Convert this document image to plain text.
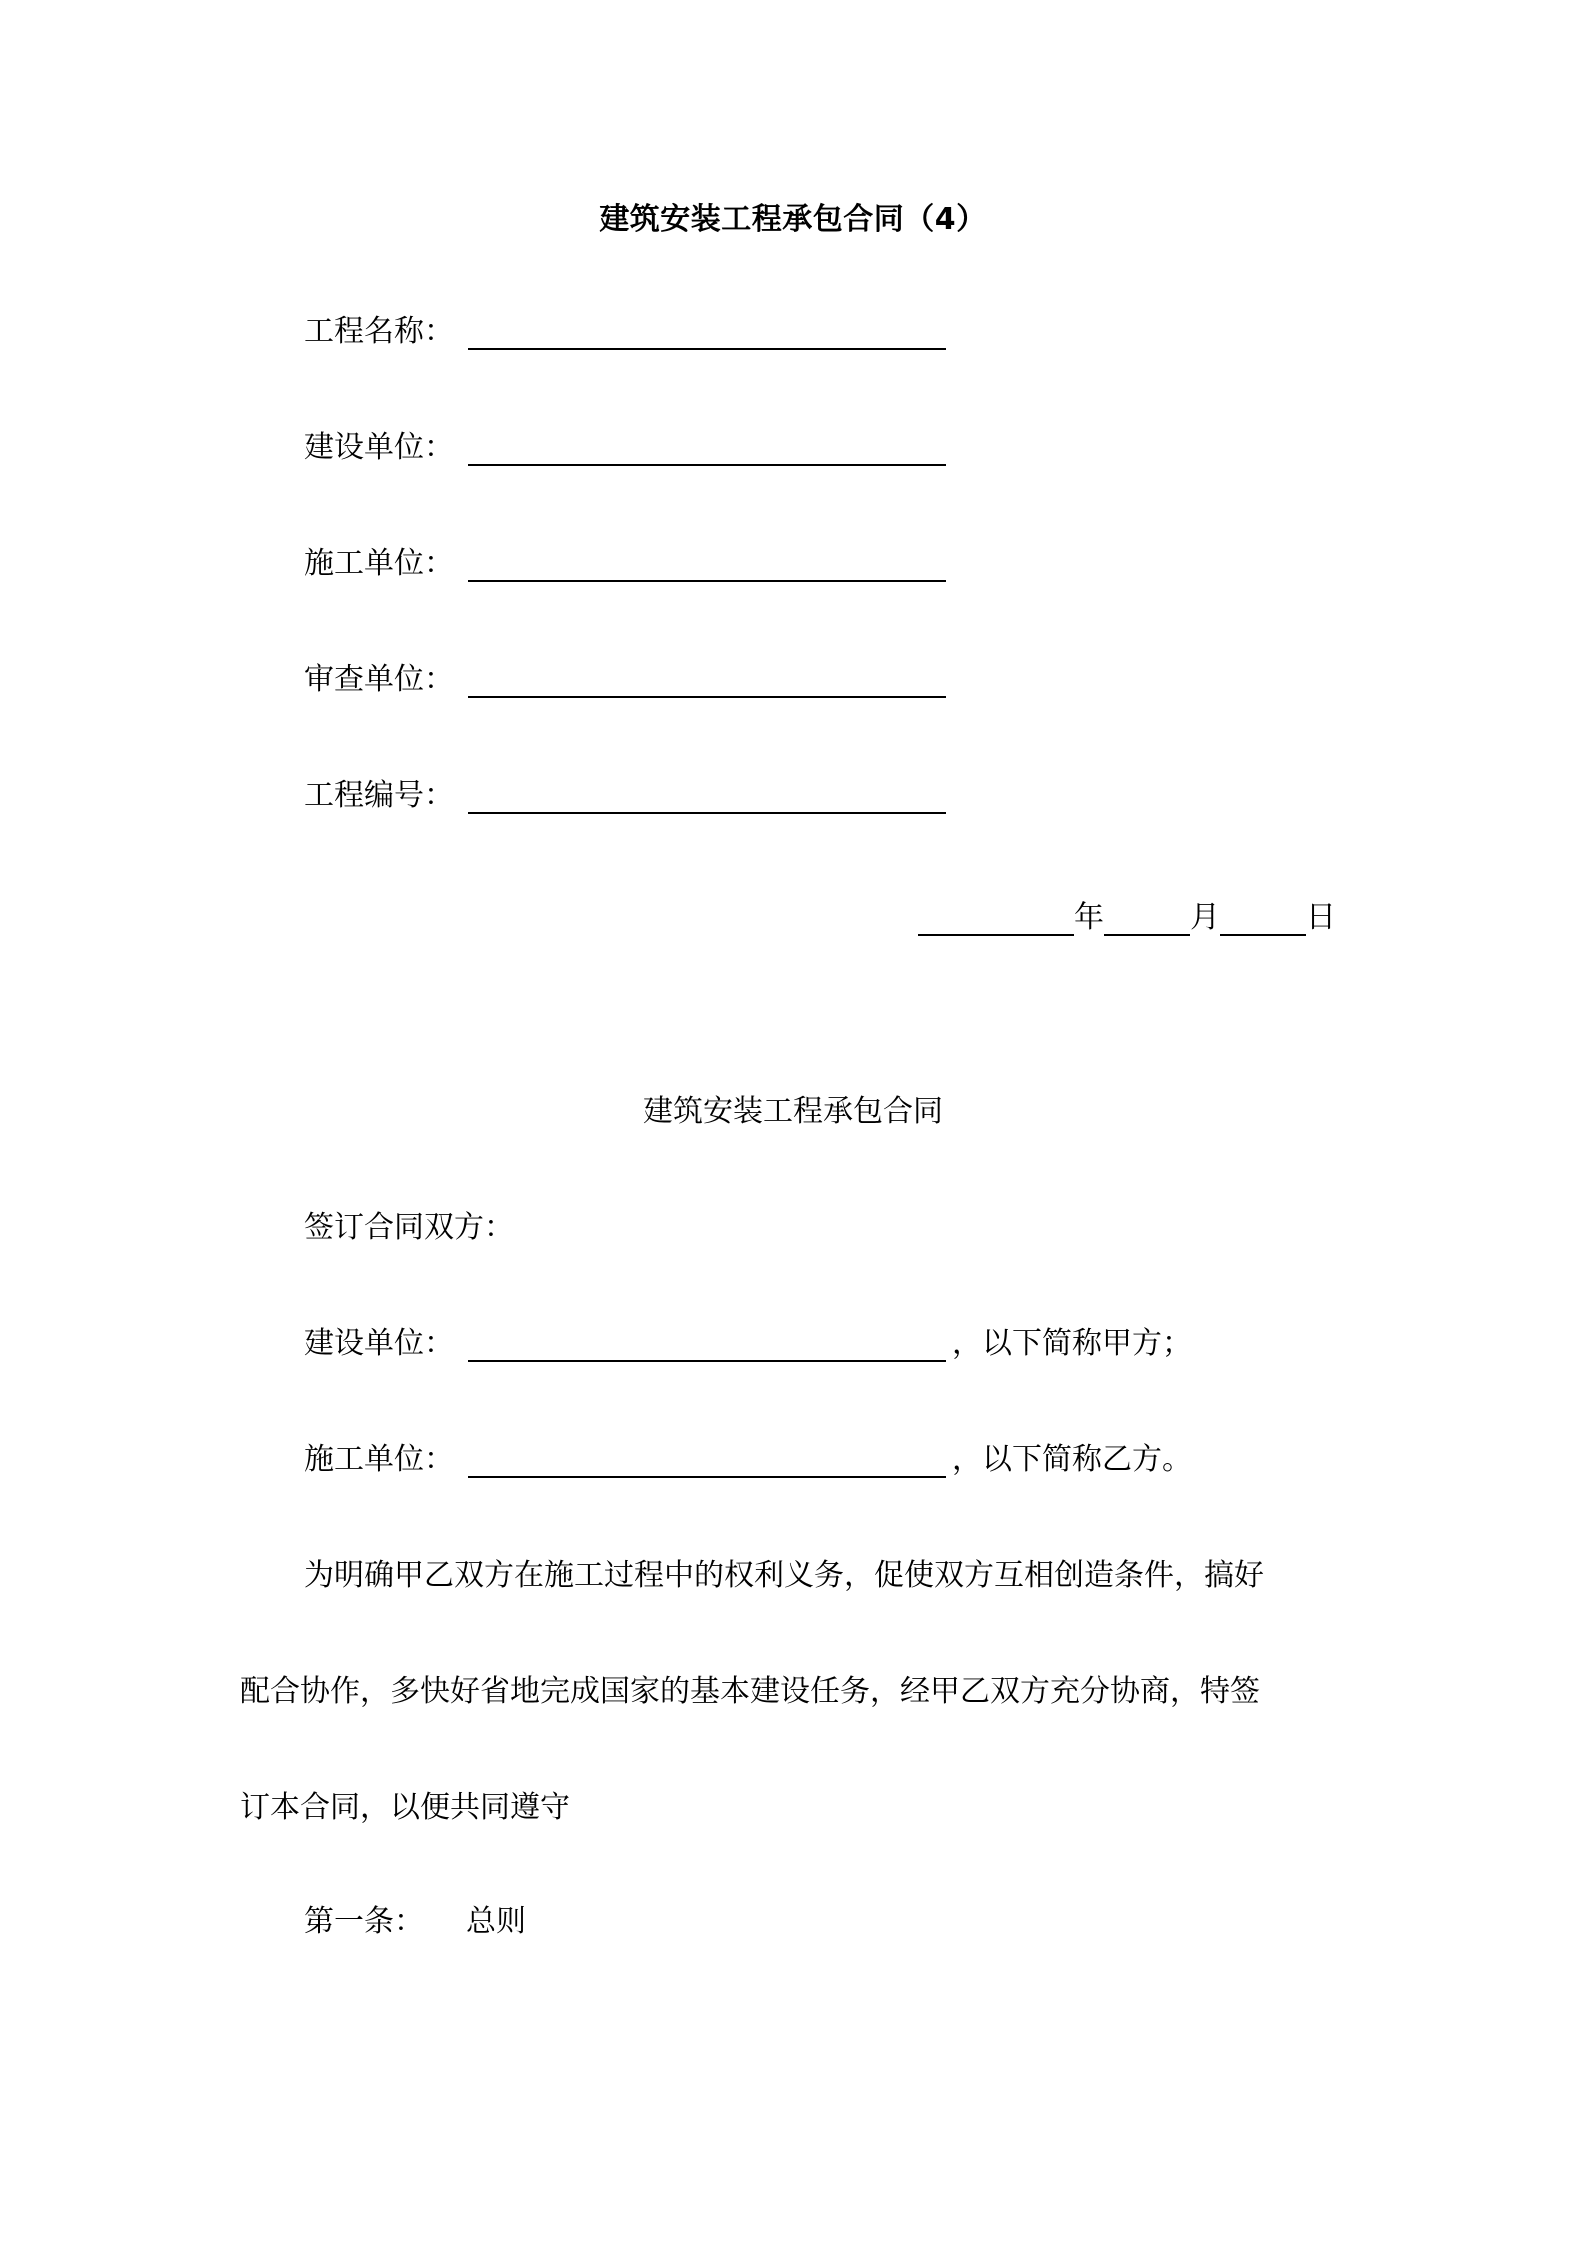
建筑安装工程承包合同（4）
工程名称：
建设单位：
施工单位：
审查单位：
工程编号：
年	月	日
建筑安装工程承包合同
签订合同双方：
建设单位：	，以下简称甲方；
施工单位：	，以下简称乙方。
为明确甲乙双方在施工过程中的权利义务，促使双方互相创造条件，搞好
配合协作，多快好省地完成国家的基本建设任务，经甲乙双方充分协商，特签
订本合同，以便共同遵守
第一条：	总则
